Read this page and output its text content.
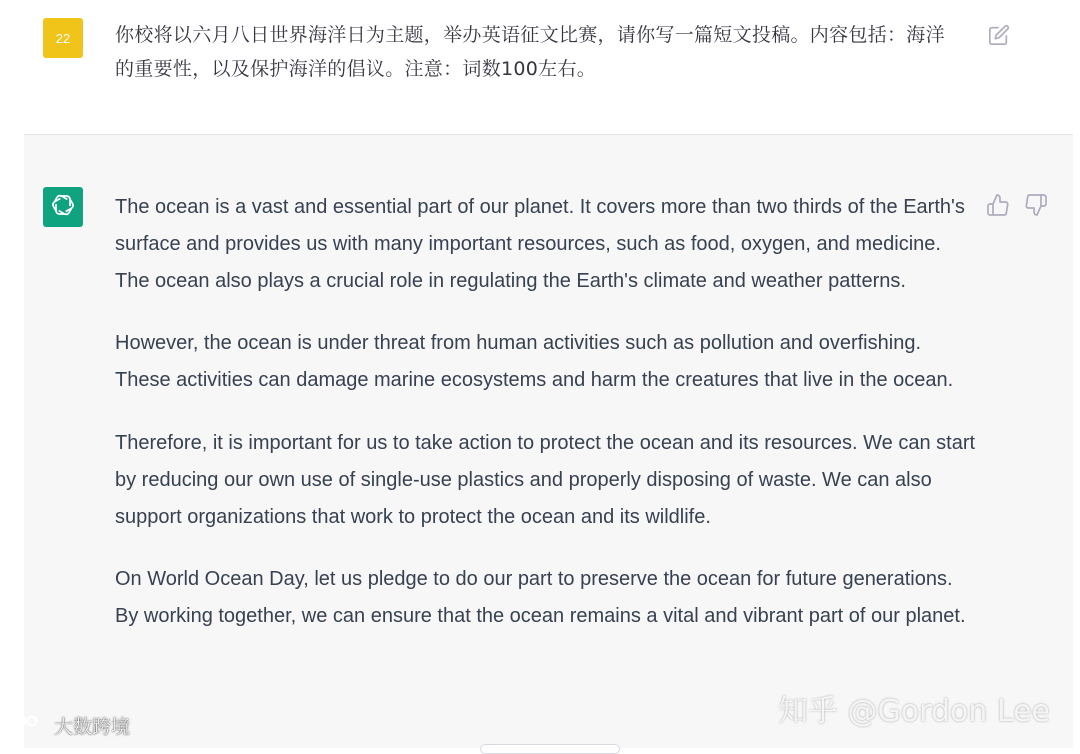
22 你校将以六月八日世界海洋日为主题，举办英语征文比赛，请你写一篇短文投稿。内容包括：海洋的重要性，以及保护海洋的倡议。注意：词数100左右。

The ocean is a vast and essential part of our planet. It covers more than two thirds of the Earth's surface and provides us with many important resources, such as food, oxygen, and medicine. The ocean also plays a crucial role in regulating the Earth's climate and weather patterns.

However, the ocean is under threat from human activities such as pollution and overfishing. These activities can damage marine ecosystems and harm the creatures that live in the ocean.

Therefore, it is important for us to take action to protect the ocean and its resources. We can start by reducing our own use of single-use plastics and properly disposing of waste. We can also support organizations that work to protect the ocean and its wildlife.

On World Ocean Day, let us pledge to do our part to preserve the ocean for future generations. By working together, we can ensure that the ocean remains a vital and vibrant part of our planet.

大数跨境	知乎 @Gordon Lee
